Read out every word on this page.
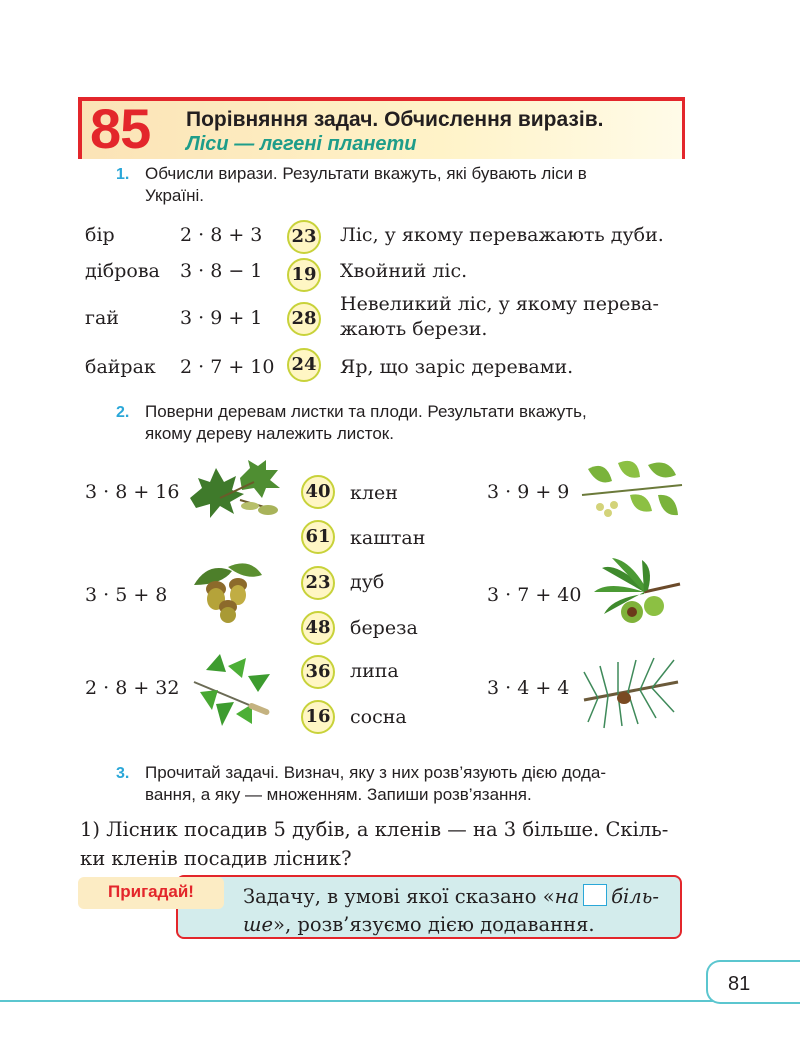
85 Порівняння задач. Обчислення виразів.
Ліси — легені планети
1. Обчисли вирази. Результати вкажуть, які бувають ліси в
Україні.
бір	2 · 8 + 3 23 Ліс, у якому переважають дуби.
діброва 3 · 8 − 1 19 Хвойний ліс.
гай	3 · 9 + 1 28
Невеликий ліс, у якому перева-
жають берези.
байрак 2 · 7 + 10 24 Яр, що заріс деревами.
2. Поверни деревам листки та плоди. Результати вкажуть,
якому дереву належить листок.
3 · 8 + 16
3 · 5 + 8
2 · 8 + 32
3 · 9 + 9
3 · 7 + 40
3 · 4 + 4
40 клен
61 каштан
23 дуб
48 береза
36 липа
16 сосна
3. Прочитай задачі. Визнач, яку з них розв’язують дією дода-
вання, а яку — множенням. Запиши розв’язання.
1) Лісник посадив 5 дубів, а кленів — на 3 більше. Скіль-
ки кленів посадив лісник?
Пригадай!	Задачу, в умові якої сказано «на біль-
ше», розв’язуємо дією додавання.
81
